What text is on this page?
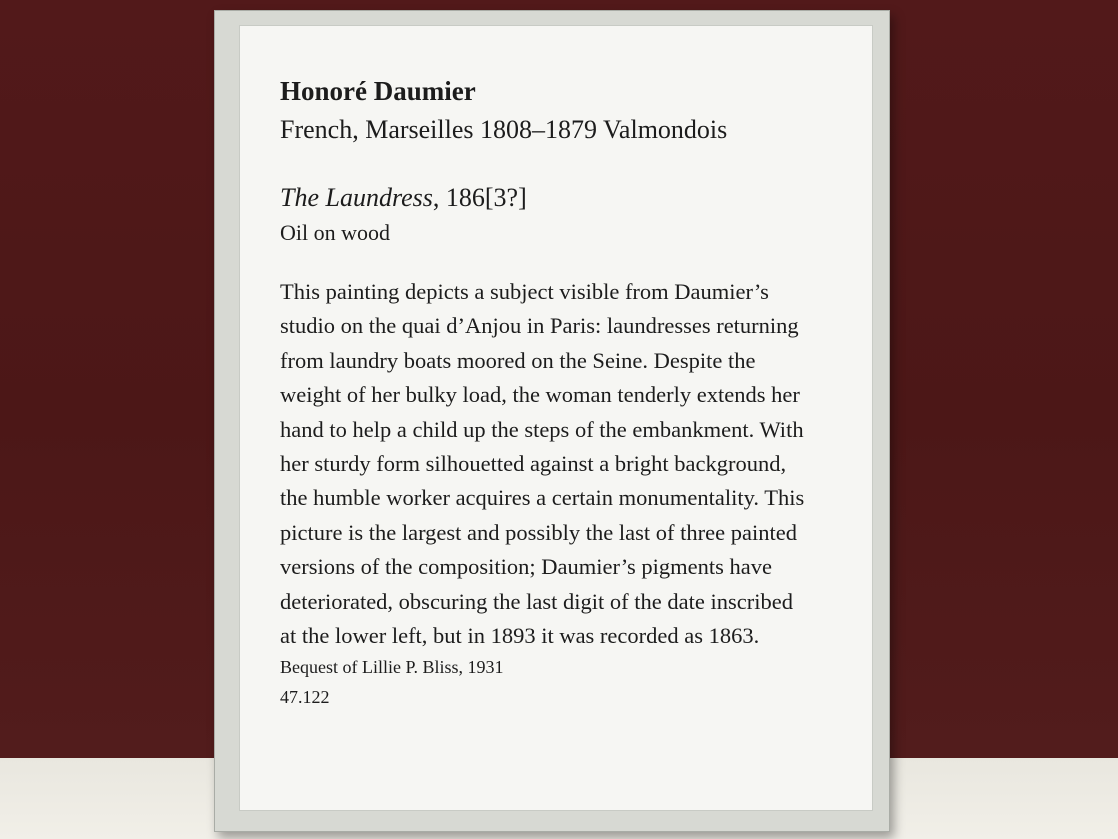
Honoré Daumier
French, Marseilles 1808–1879 Valmondois
The Laundress, 186[3?]
Oil on wood
This painting depicts a subject visible from Daumier’s
studio on the quai d’Anjou in Paris: laundresses returning
from laundry boats moored on the Seine. Despite the
weight of her bulky load, the woman tenderly extends her
hand to help a child up the steps of the embankment. With
her sturdy form silhouetted against a bright background,
the humble worker acquires a certain monumentality. This
picture is the largest and possibly the last of three painted
versions of the composition; Daumier’s pigments have
deteriorated, obscuring the last digit of the date inscribed
at the lower left, but in 1893 it was recorded as 1863.
Bequest of Lillie P. Bliss, 1931
47.122
